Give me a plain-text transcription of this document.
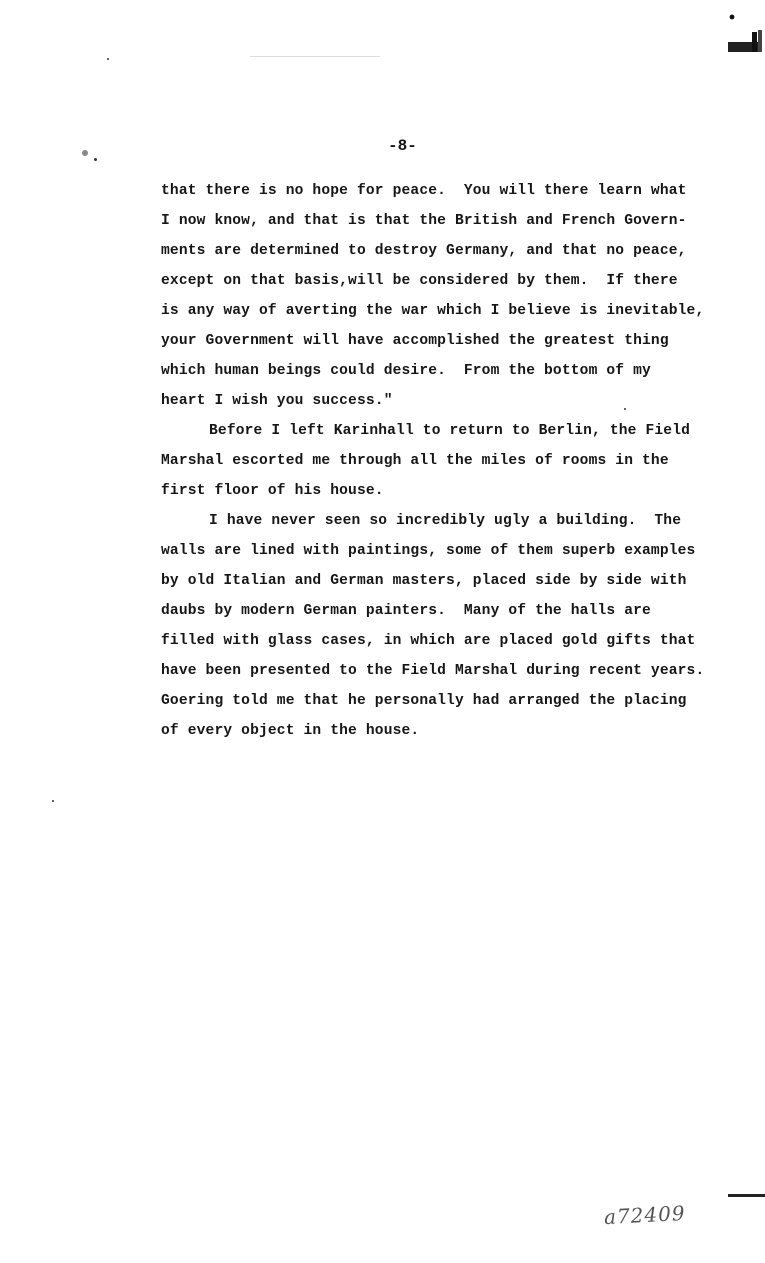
-8-
that there is no hope for peace.  You will there learn what
I now know, and that is that the British and French Govern-
ments are determined to destroy Germany, and that no peace,
except on that basis,will be considered by them.  If there
is any way of averting the war which I believe is inevitable,
your Government will have accomplished the greatest thing
which human beings could desire.  From the bottom of my
heart I wish you success."
Before I left Karinhall to return to Berlin, the Field
Marshal escorted me through all the miles of rooms in the
first floor of his house.
I have never seen so incredibly ugly a building.  The
walls are lined with paintings, some of them superb examples
by old Italian and German masters, placed side by side with
daubs by modern German painters.  Many of the halls are
filled with glass cases, in which are placed gold gifts that
have been presented to the Field Marshal during recent years.
Goering told me that he personally had arranged the placing
of every object in the house.
a72409
